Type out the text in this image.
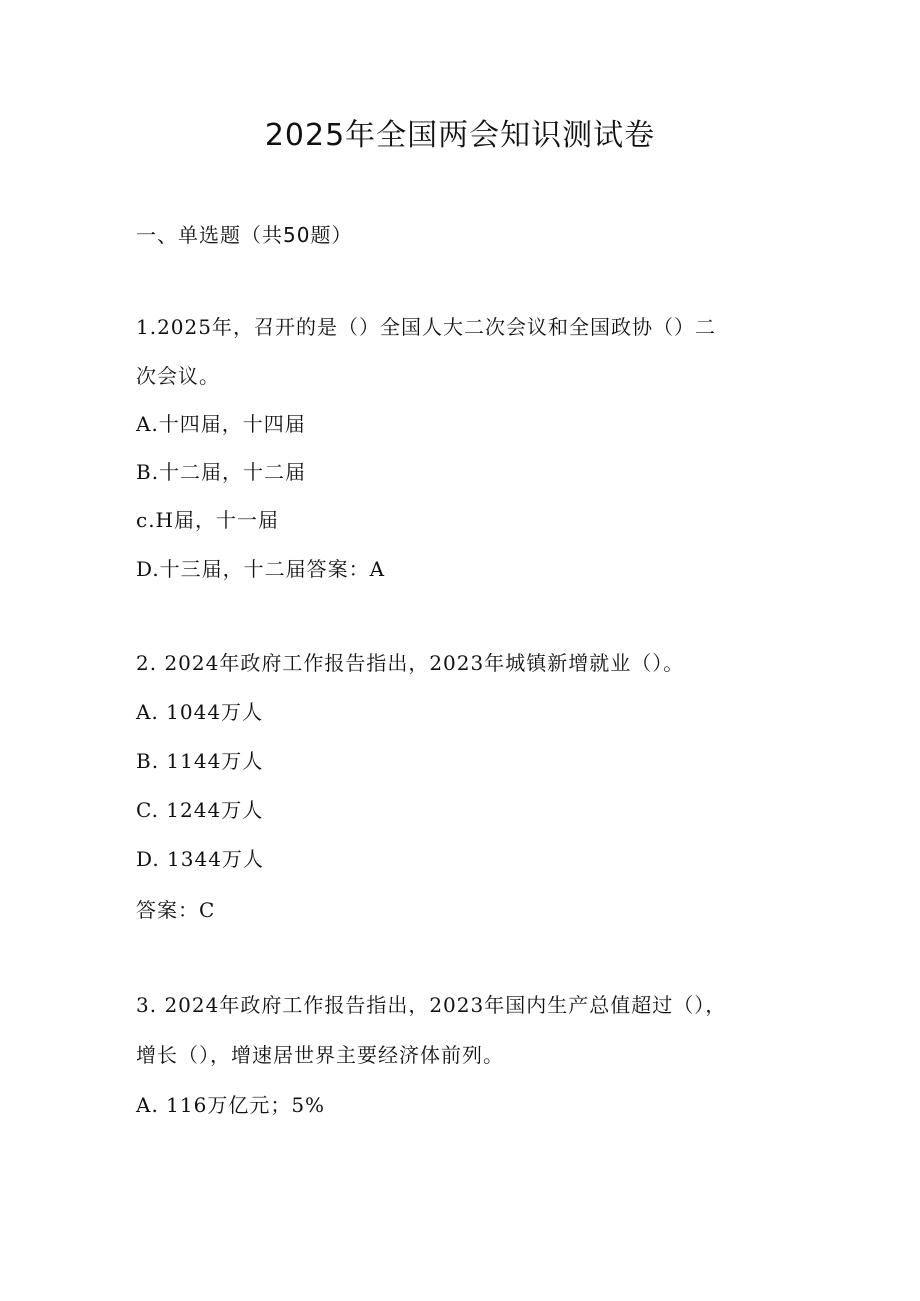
2025年全国两会知识测试卷
一、单选题（共50题）
1.2025年，召开的是（）全国人大二次会议和全国政协（）二
次会议。
A.十四届，十四届
B.十二届，十二届
c.H届，十一届
D.十三届，十二届答案：A
2. 2024年政府工作报告指出，2023年城镇新增就业（）。
A. 1044万人
B. 1144万人
C. 1244万人
D. 1344万人
答案：C
3. 2024年政府工作报告指出，2023年国内生产总值超过（），
增长（），增速居世界主要经济体前列。
A. 116万亿元；5%
